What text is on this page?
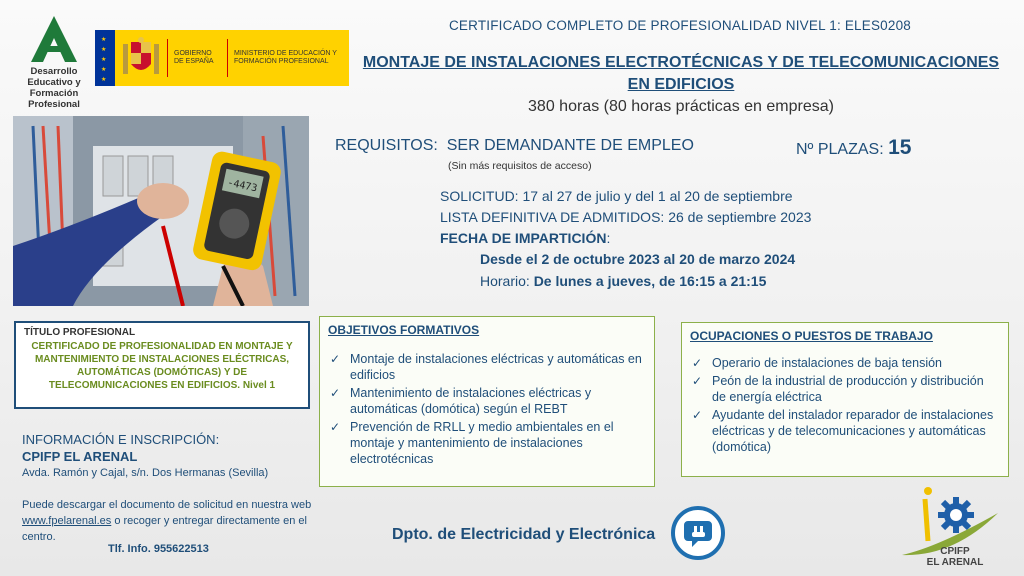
Desarrollo Educativo y Formación Profesional
★
★
★
★
★
GOBIERNO DE ESPAÑA
MINISTERIO DE EDUCACIÓN Y FORMACIÓN PROFESIONAL
CERTIFICADO COMPLETO DE PROFESIONALIDAD NIVEL 1: ELES0208
MONTAJE DE INSTALACIONES ELECTROTÉCNICAS Y DE TELECOMUNICACIONES EN EDIFICIOS
380 horas (80 horas prácticas en empresa)
-4473
REQUISITOS: SER DEMANDANTE DE EMPLEO
(Sin más requisitos de acceso)
Nº PLAZAS: 15
SOLICITUD: 17 al 27 de julio y del 1 al 20 de septiembre
LISTA DEFINITIVA DE ADMITIDOS: 26 de septiembre 2023
FECHA DE IMPARTICIÓN:
Desde el 2 de octubre 2023 al 20 de marzo 2024
Horario: De lunes a jueves, de 16:15 a 21:15
TÍTULO PROFESIONAL
CERTIFICADO DE PROFESIONALIDAD EN MONTAJE Y MANTENIMIENTO DE INSTALACIONES ELÉCTRICAS, AUTOMÁTICAS (DOMÓTICAS) Y DE TELECOMUNICACIONES EN EDIFICIOS. Nivel 1
OBJETIVOS FORMATIVOS
✓ Montaje de instalaciones eléctricas y automáticas en edificios
✓ Mantenimiento de instalaciones eléctricas y automáticas (domótica) según el REBT
✓ Prevención de RRLL y medio ambientales en el montaje y mantenimiento de instalaciones electrotécnicas
OCUPACIONES O PUESTOS DE TRABAJO
✓ Operario de instalaciones de baja tensión
✓ Peón de la industrial de producción y distribución de energía eléctrica
✓ Ayudante del instalador reparador de instalaciones eléctricas y de telecomunicaciones y automáticas (domótica)
INFORMACIÓN E INSCRIPCIÓN:
CPIFP EL ARENAL
Avda. Ramón y Cajal, s/n. Dos Hermanas (Sevilla)
Puede descargar el documento de solicitud en nuestra web www.fpelarenal.es o recoger y entregar directamente en el centro.
Tlf. Info. 955622513
Dpto. de Electricidad y Electrónica
CPIFP
EL ARENAL
